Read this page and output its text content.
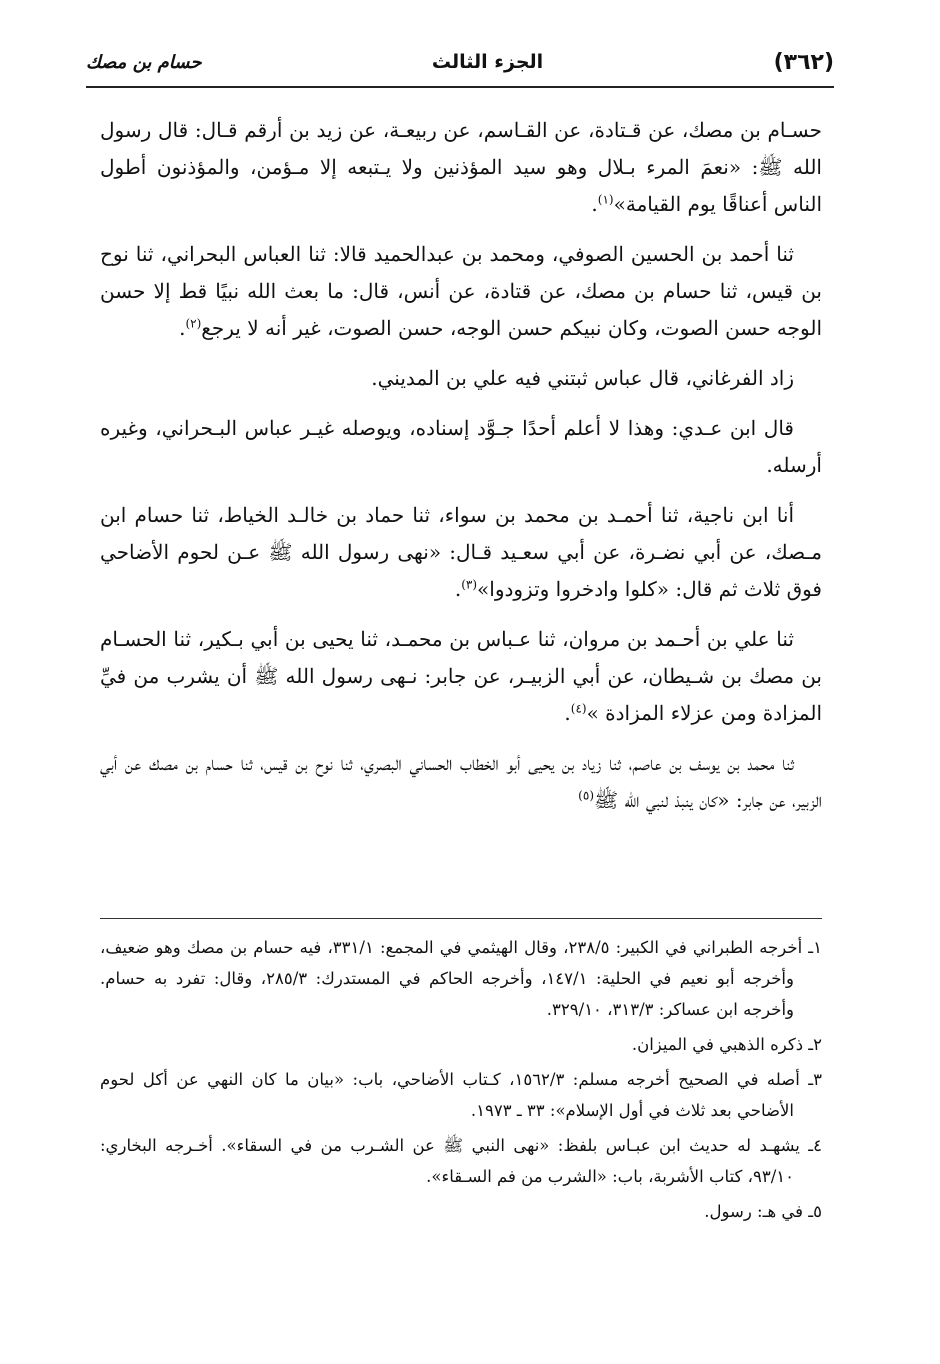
(٣٦٢)
الجزء الثالث
حسام بن مصك

حسـام بن مصك، عن قـتادة، عن القـاسم، عن ربيعـة، عن زيد بن أرقم قـال: قال رسول الله ﷺ: «نعمَ المرء بـلال وهو سيد المؤذنين ولا يـتبعه إلا مـؤمن، والمؤذنون أطول الناس أعناقًا يوم القيامة»$^{(١)}$.

ثنا أحمد بن الحسين الصوفي، ومحمد بن عبدالحميد قالا: ثنا العباس البحراني، ثنا نوح بن قيس، ثنا حسام بن مصك، عن قتادة، عن أنس، قال: ما بعث الله نبيًا قط إلا حسن الوجه حسن الصوت، وكان نبيكم حسن الوجه، حسن الصوت، غير أنه لا يرجع$^{(٢)}$.

زاد الفرغاني، قال عباس ثبتني فيه علي بن المديني.

قال ابن عـدي: وهذا لا أعلم أحدًا جـوَّد إسناده، ويوصله غيـر عباس البـحراني، وغيره أرسله.

أنا ابن ناجية، ثنا أحمـد بن محمد بن سواء، ثنا حماد بن خالـد الخياط، ثنا حسام ابن مـصك، عن أبي نضـرة، عن أبي سعـيد قـال: «نهى رسول الله ﷺ عـن لحوم الأضاحي فوق ثلاث ثم قال: «كلوا وادخروا وتزودوا»$^{(٣)}$.

ثنا علي بن أحـمد بن مروان، ثنا عـباس بن محمـد، ثنا يحيى بن أبي بـكير، ثنا الحسـام بن مصك بن شـيطان، عن أبي الزبيـر، عن جابر: نـهى رسول الله ﷺ أن يشرب من فيِّ المزادة ومن عزلاء المزادة »$^{(٤)}$.

ثنا محمد بن يوسف بن عاصم، ثنا زياد بن يحيى أبو الخطاب الحساني البصري، ثنا نوح بن قيس، ثنا حسام بن مصك عن أبي الزبير، عن جابر: «كان ينبذ لنبي الله ﷺ$^{(٥)}$

١ـ أخرجه الطبراني في الكبير: ٢٣٨/٥، وقال الهيثمي في المجمع: ٣٣١/١، فيه حسام بن مصك وهو ضعيف، وأخرجه أبو نعيم في الحلية: ١٤٧/١، وأخرجه الحاكم في المستدرك: ٢٨٥/٣، وقال: تفرد به حسام. وأخرجه ابن عساكر: ٣١٣/٣، ٣٢٩/١٠.

٢ـ ذكره الذهبي في الميزان.

٣ـ أصله في الصحيح أخرجه مسلم: ١٥٦٢/٣، كـتاب الأضاحي، باب: «بيان ما كان النهي عن أكل لحوم الأضاحي بعد ثلاث في أول الإسلام»: ٣٣ ـ ١٩٧٣.

٤ـ يشهـد له حديث ابن عبـاس بلفظ: «نهى النبي ﷺ عن الشـرب من في السقاء». أخـرجه البخاري: ٩٣/١٠، كتاب الأشربة، باب: «الشرب من فم السـقاء».

٥ـ في هـ: رسول.
